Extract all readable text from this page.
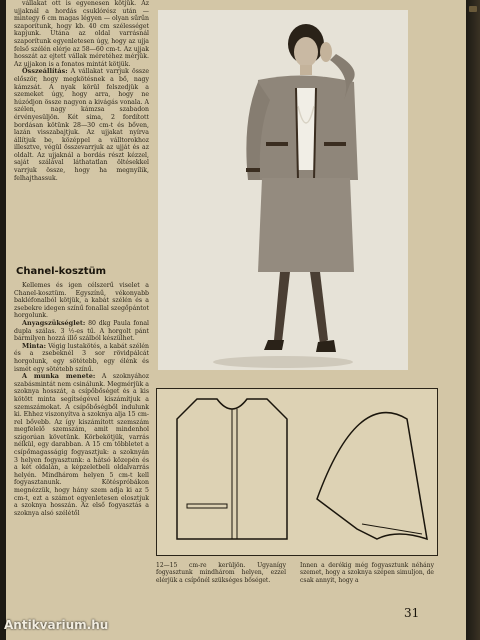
vállakat ott is egyenesen kötjük. Az ujjaknál a hordás csuklórész után — mintegy 6 cm magas légyen — olyan sűrűn szaporítunk, hogy kb. 40 cm szélességet kapjunk. Utána az oldal varrásnál szaporítunk egyenletesen úgy, hogy az ujja felső szélén elérje az 58—60 cm-t. Az ujjak hosszát az ejtett vállak méretéhez mérjük. Az ujjakon is a fonatos mintát kötjük.

Összeállítás: A vállakat varrjuk össze először, hogy megkötésnek a bő, nagy kámzsát. A nyak körül felszedjük a szemeket úgy, hogy arra, hogy ne húzódjon össze nagyon a kivágás vonala. A szélen, nagy kámzsa szabadon érvényesüljön. Két sima, 2 fordított bordásan kötünk 28—30 cm-t és bőven, lazán visszabajtjuk. Az ujjakat nyírva állítjuk be, középpel a válltorokhoz illesztve, végül összevarrjuk az ujját és az oldalt. Az ujjaknál a bordás részt kézzel, saját szálával láthatatlan öltésekkel varrjuk össze, hogy ha megnyílik, felhajthassuk.

Chanel-kosztüm

Kellemes és igen célszerű viselet a Chanel-kosztüm. Egyszínű, vékonyabb bakléfonalból kötjük, a kabát szélén és a zsebekre idegen színű fonallal szegőpántot horgolunk.

Anyagszükséglet: 80 dkg Paula fonal dupla szálas. 3 ½-es tű. A horgolt pánt bármilyen hozzá illő szálból készülhet.

Minta: Végig lustakötés, a kabát szélén és a zsebeknél 3 sor rövidpálcát horgolunk, egy sötétebb, egy élénk és ismét egy sötétebb színű.

A munka menete: A szoknyához szabásmintát nem csinálunk. Megmérjük a szoknya hosszát, a csípőbőséget és a kis kötött minta segítségével kiszámítjuk a szemszámokat. A csípőbőségből indulunk ki. Ehhez viszonyítva a szoknya alja 15 cm-rel bővebb. Az így kiszámított szemszám megfelelő szemszám, amit mindenhol szigorúan követünk. Körbekötjük, varrás nélkül, egy darabban. A 15 cm többletet a csípőmagasságig fogyasztjuk: a szoknyán 3 helyen fogyasztunk: a hátsó közepén és a két oldalán, a képzeletbeli oldalvarrás helyén. Mindhárom helyen 5 cm-t kell fogyasztanunk. Kötéspróbákon megnézzük, hogy hány szem adja ki az 5 cm-t, ezt a számot egyenletesen elosztjuk a szoknya hosszán. Az első fogyasztás a szoknya alsó szélétől

12—15 cm-re kerüljön. Ugyanígy fogyasztunk mindhárom helyen, ezzel elérjük a csípőnél szükséges bőséget.
Innen a derékig még fogyasztunk néhány szemet, hogy a szoknya szépen simuljon, de csak annyit, hogy a
31
Antikvarium.hu
